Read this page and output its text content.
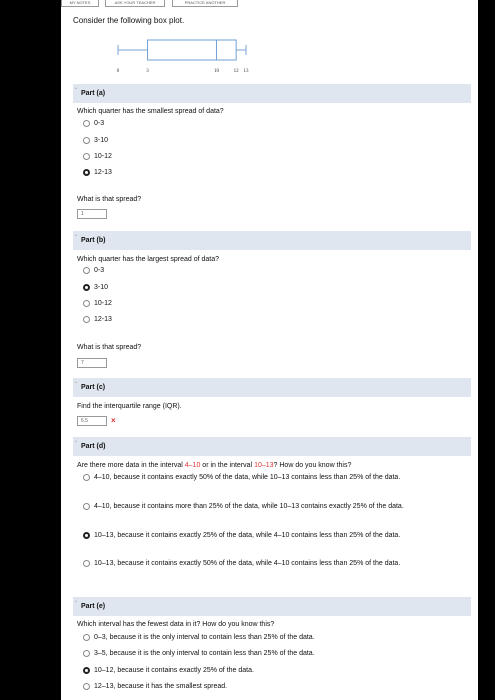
MY NOTES	ASK YOUR TEACHER	PRACTICE ANOTHER
Consider the following box plot.
0	3	10	12 13
▫
Part (a)
Which quarter has the smallest spread of data?
0-3
3-10
10-12
12-13
What is that spread?
1
▫
Part (b)
Which quarter has the largest spread of data?
0-3
3-10
10-12
12-13
What is that spread?
7
▫
Part (c)
Find the interquartile range (IQR).
6.5	×
▫
Part (d)
Are there more data in the interval 4–10 or in the interval 10–13? How do you know this?
4–10, because it contains exactly 50% of the data, while 10–13 contains less than 25% of the data.
4–10, because it contains more than 25% of the data, while 10–13 contains exactly 25% of the data.
10–13, because it contains exactly 25% of the data, while 4–10 contains less than 25% of the data.
10–13, because it contains exactly 50% of the data, while 4–10 contains less than 25% of the data.
▫
Part (e)
Which interval has the fewest data in it? How do you know this?
0–3, because it is the only interval to contain less than 25% of the data.
3–5, because it is the only interval to contain less than 25% of the data.
10–12, because it contains exactly 25% of the data.
12–13, because it has the smallest spread.
